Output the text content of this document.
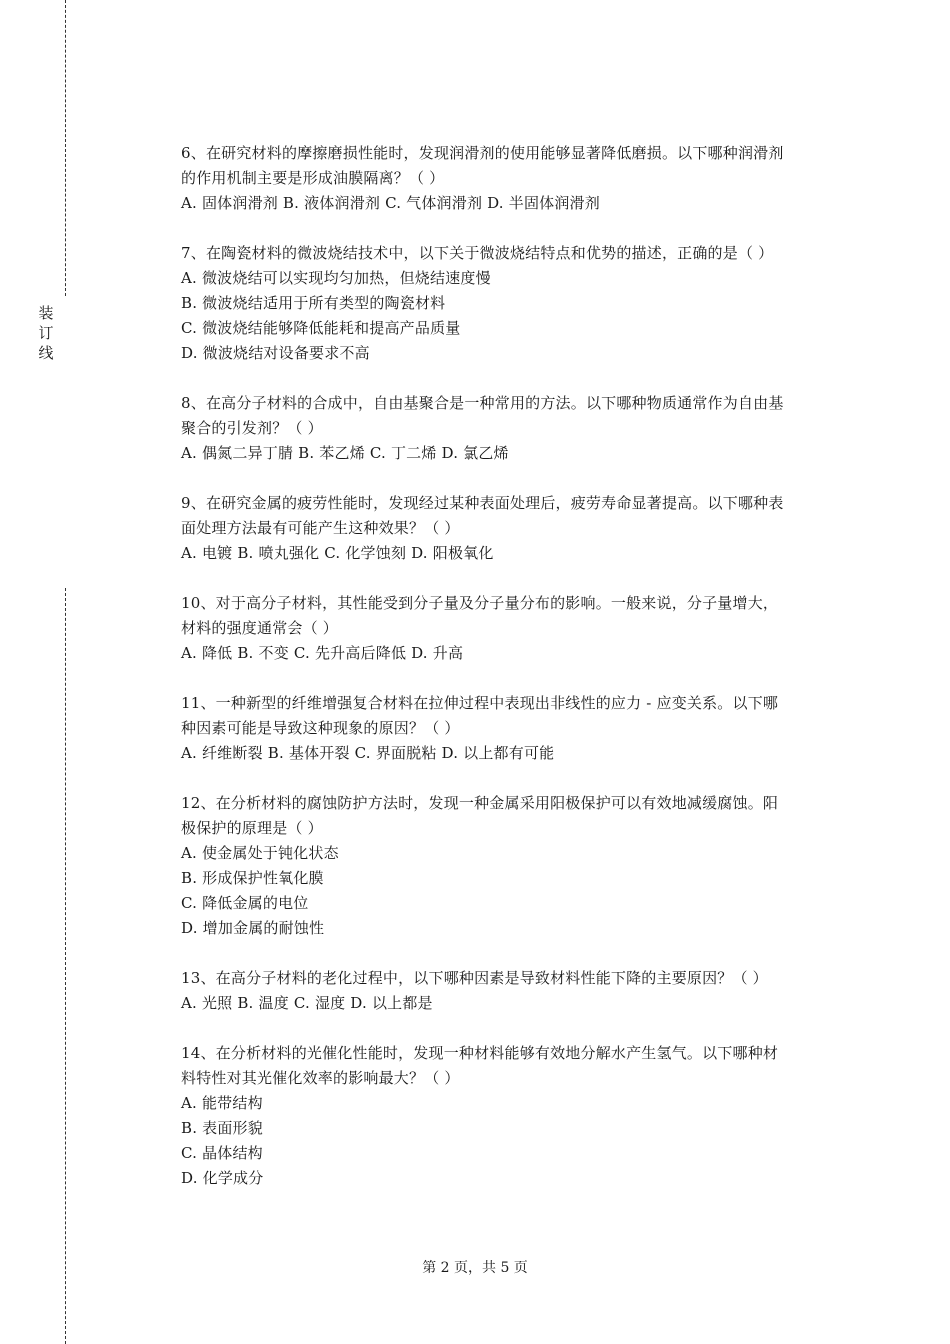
装
订
线
6、在研究材料的摩擦磨损性能时，发现润滑剂的使用能够显著降低磨损。以下哪种润滑剂
的作用机制主要是形成油膜隔离？（ ）
A. 固体润滑剂 B. 液体润滑剂 C. 气体润滑剂 D. 半固体润滑剂
7、在陶瓷材料的微波烧结技术中，以下关于微波烧结特点和优势的描述，正确的是（ ）
A. 微波烧结可以实现均匀加热，但烧结速度慢
B. 微波烧结适用于所有类型的陶瓷材料
C. 微波烧结能够降低能耗和提高产品质量
D. 微波烧结对设备要求不高
8、在高分子材料的合成中，自由基聚合是一种常用的方法。以下哪种物质通常作为自由基
聚合的引发剂？（ ）
A. 偶氮二异丁腈 B. 苯乙烯 C. 丁二烯 D. 氯乙烯
9、在研究金属的疲劳性能时，发现经过某种表面处理后，疲劳寿命显著提高。以下哪种表
面处理方法最有可能产生这种效果？（ ）
A. 电镀 B. 喷丸强化 C. 化学蚀刻 D. 阳极氧化
10、对于高分子材料，其性能受到分子量及分子量分布的影响。一般来说，分子量增大，
材料的强度通常会（ ）
A. 降低 B. 不变 C. 先升高后降低 D. 升高
11、一种新型的纤维增强复合材料在拉伸过程中表现出非线性的应力 - 应变关系。以下哪
种因素可能是导致这种现象的原因？（ ）
A. 纤维断裂 B. 基体开裂 C. 界面脱粘 D. 以上都有可能
12、在分析材料的腐蚀防护方法时，发现一种金属采用阳极保护可以有效地减缓腐蚀。阳
极保护的原理是（ ）
A. 使金属处于钝化状态
B. 形成保护性氧化膜
C. 降低金属的电位
D. 增加金属的耐蚀性
13、在高分子材料的老化过程中，以下哪种因素是导致材料性能下降的主要原因？（ ）
A. 光照 B. 温度 C. 湿度 D. 以上都是
14、在分析材料的光催化性能时，发现一种材料能够有效地分解水产生氢气。以下哪种材
料特性对其光催化效率的影响最大？（ ）
A. 能带结构
B. 表面形貌
C. 晶体结构
D. 化学成分
第 2 页，共 5 页
